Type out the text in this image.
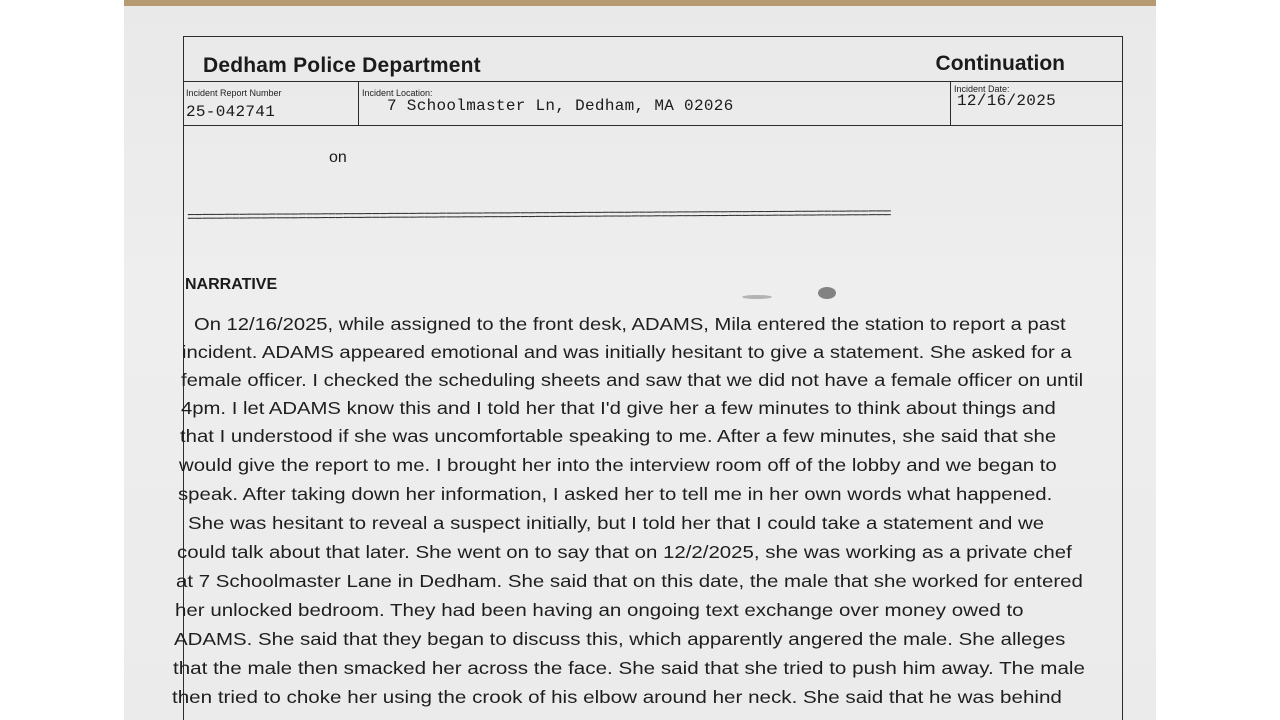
Dedham Police Department	Continuation
Incident Report Number
25-042741
Incident Location:
7 Schoolmaster Ln, Dedham, MA 02026
Incident Date:
12/16/2025
on
===============================================================================================
NARRATIVE
On 12/16/2025, while assigned to the front desk, ADAMS, Mila entered the station to report a past
incident. ADAMS appeared emotional and was initially hesitant to give a statement. She asked for a
female officer. I checked the scheduling sheets and saw that we did not have a female officer on until
4pm. I let ADAMS know this and I told her that I'd give her a few minutes to think about things and
that I understood if she was uncomfortable speaking to me. After a few minutes, she said that she
would give the report to me. I brought her into the interview room off of the lobby and we began to
speak. After taking down her information, I asked her to tell me in her own words what happened.
She was hesitant to reveal a suspect initially, but I told her that I could take a statement and we
could talk about that later. She went on to say that on 12/2/2025, she was working as a private chef
at 7 Schoolmaster Lane in Dedham. She said that on this date, the male that she worked for entered
her unlocked bedroom. They had been having an ongoing text exchange over money owed to
ADAMS. She said that they began to discuss this, which apparently angered the male. She alleges
that the male then smacked her across the face. She said that she tried to push him away. The male
then tried to choke her using the crook of his elbow around her neck. She said that he was behind
